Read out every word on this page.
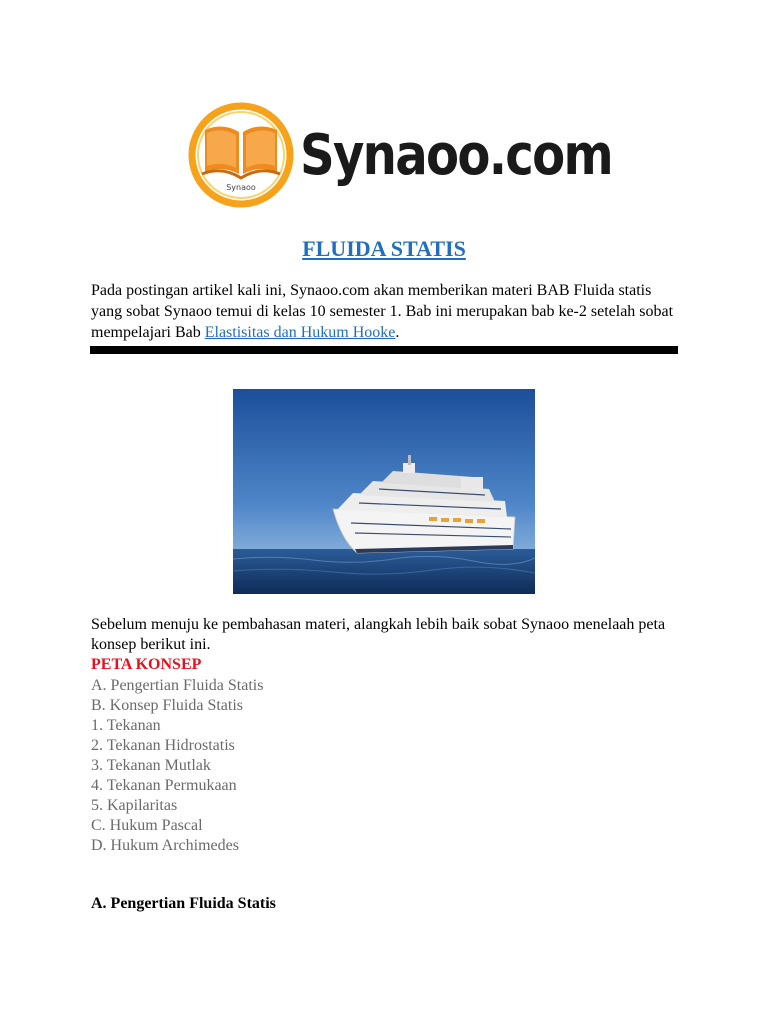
Synaoo Synaoo.com
FLUIDA STATIS

Pada postingan artikel kali ini, Synaoo.com akan memberikan materi BAB Fluida statis yang sobat Synaoo temui di kelas 10 semester 1. Bab ini merupakan bab ke-2 setelah sobat mempelajari Bab Elastisitas dan Hukum Hooke.

Sebelum menuju ke pembahasan materi, alangkah lebih baik sobat Synaoo menelaah peta konsep berikut ini.

PETA KONSEP
A. Pengertian Fluida Statis
B. Konsep Fluida Statis
1. Tekanan
2. Tekanan Hidrostatis
3. Tekanan Mutlak
4. Tekanan Permukaan
5. Kapilaritas
C. Hukum Pascal
D. Hukum Archimedes
A. Pengertian Fluida Statis
